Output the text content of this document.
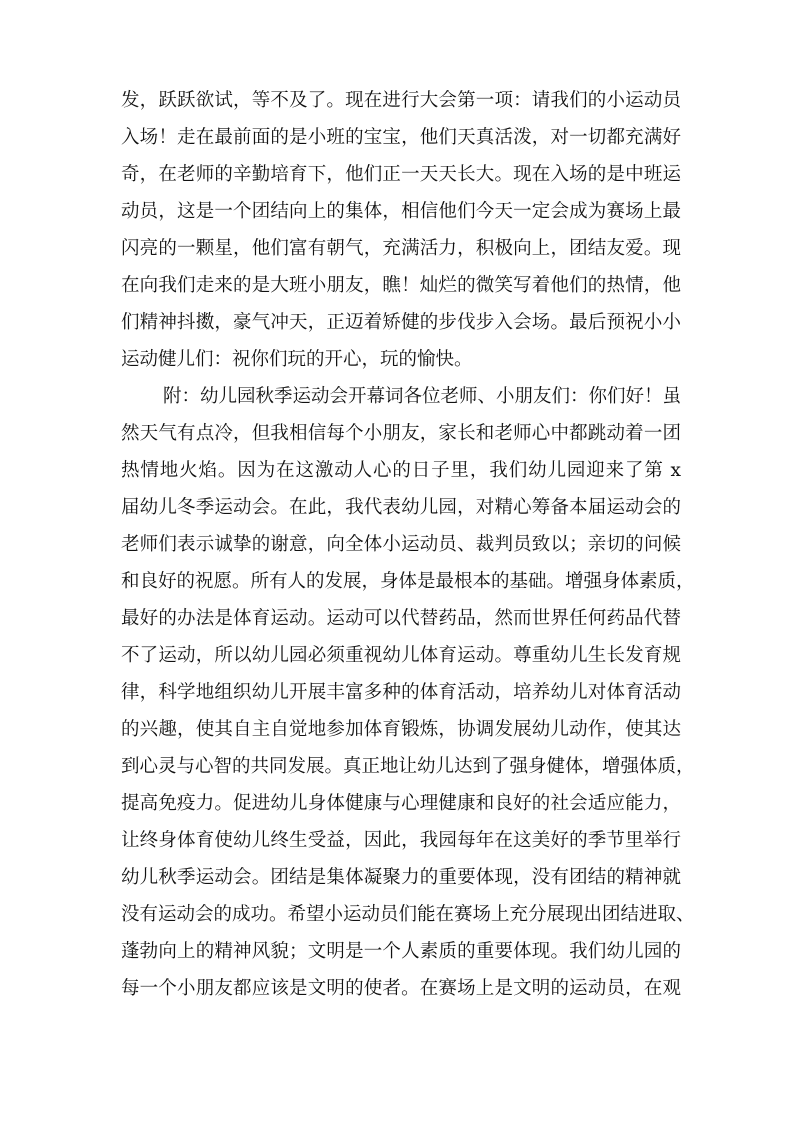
发，跃跃欲试，等不及了。现在进行大会第一项：请我们的小运动员
入场！走在最前面的是小班的宝宝，他们天真活泼，对一切都充满好
奇，在老师的辛勤培育下，他们正一天天长大。现在入场的是中班运
动员，这是一个团结向上的集体，相信他们今天一定会成为赛场上最
闪亮的一颗星，他们富有朝气，充满活力，积极向上，团结友爱。现
在向我们走来的是大班小朋友，瞧！灿烂的微笑写着他们的热情，他
们精神抖擞，豪气冲天，正迈着矫健的步伐步入会场。最后预祝小小
运动健儿们：祝你们玩的开心，玩的愉快。
附：幼儿园秋季运动会开幕词各位老师、小朋友们：你们好！虽
然天气有点冷，但我相信每个小朋友，家长和老师心中都跳动着一团
热情地火焰。因为在这激动人心的日子里，我们幼儿园迎来了第 x
届幼儿冬季运动会。在此，我代表幼儿园，对精心筹备本届运动会的
老师们表示诚挚的谢意，向全体小运动员、裁判员致以；亲切的问候
和良好的祝愿。所有人的发展，身体是最根本的基础。增强身体素质，
最好的办法是体育运动。运动可以代替药品，然而世界任何药品代替
不了运动，所以幼儿园必须重视幼儿体育运动。尊重幼儿生长发育规
律，科学地组织幼儿开展丰富多种的体育活动，培养幼儿对体育活动
的兴趣，使其自主自觉地参加体育锻炼，协调发展幼儿动作，使其达
到心灵与心智的共同发展。真正地让幼儿达到了强身健体，增强体质，
提高免疫力。促进幼儿身体健康与心理健康和良好的社会适应能力，
让终身体育使幼儿终生受益，因此，我园每年在这美好的季节里举行
幼儿秋季运动会。团结是集体凝聚力的重要体现，没有团结的精神就
没有运动会的成功。希望小运动员们能在赛场上充分展现出团结进取、
蓬勃向上的精神风貌；文明是一个人素质的重要体现。我们幼儿园的
每一个小朋友都应该是文明的使者。在赛场上是文明的运动员，在观
